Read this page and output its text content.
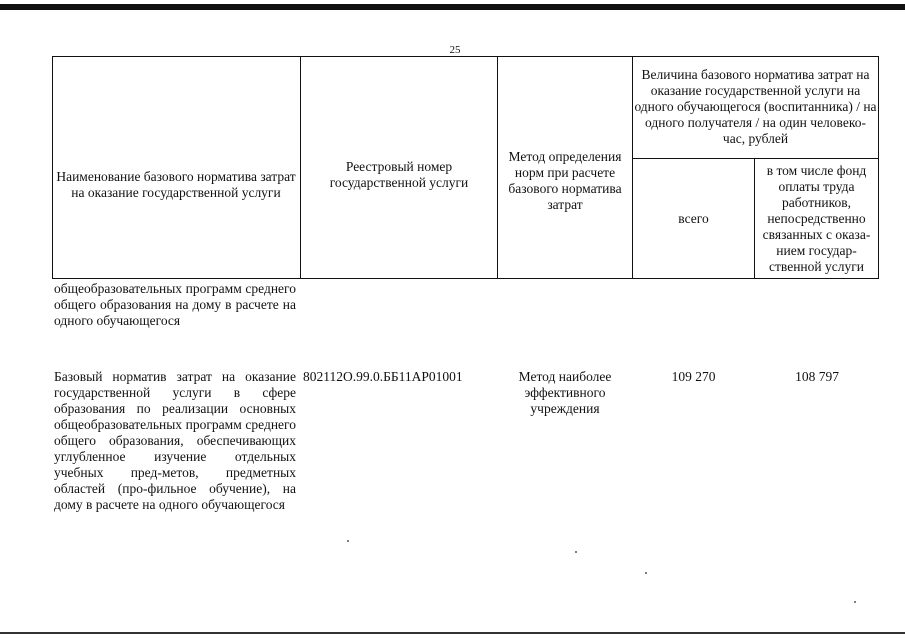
25
Наименование базового норматива затрат на оказание государственной услуги
Реестровый номер государственной услуги
Метод определения норм при расчете базового норматива затрат
Величина базового норматива затрат на оказание государственной услуги на одного обучающегося (воспитанника) / на одного получателя / на один человеко-час, рублей
всего
в том числе фонд оплаты труда работников, непосредственно связанных с оказа-нием государ-ственной услуги
общеобразовательных программ среднего общего образования на дому в расчете на одного обучающегося
Базовый норматив затрат на оказание государственной услуги в сфере образования по реализации основных общеобразовательных программ среднего общего образования, обеспечивающих углубленное изучение отдельных учебных пред-метов, предметных областей (про-фильное обучение), на дому в расчете на одного обучающегося
802112О.99.0.ББ11АР01001	Метод наиболее эффективного учреждения
109 270	108 797
